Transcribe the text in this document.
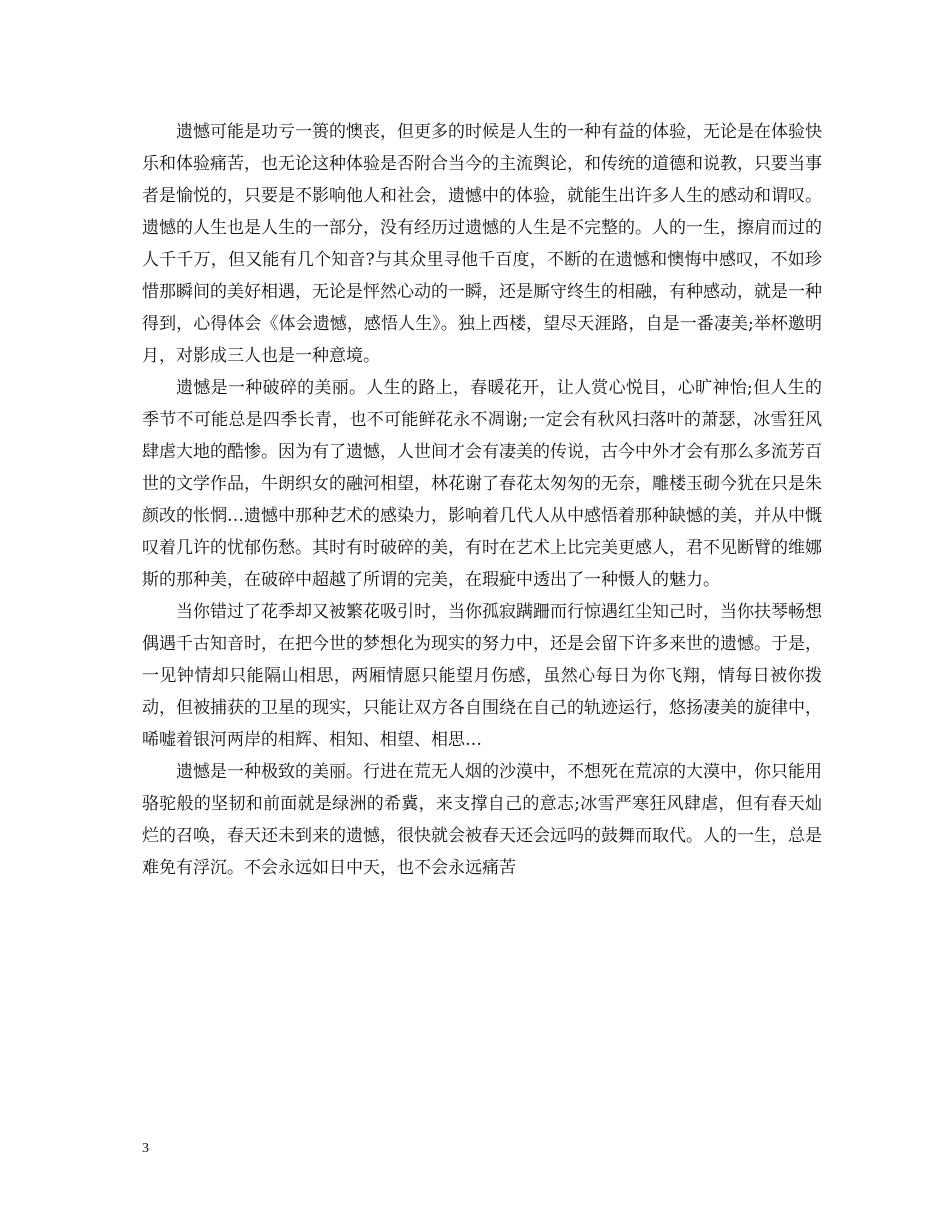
遗憾可能是功亏一篑的懊丧，但更多的时候是人生的一种有益的体验，无论是在体验快乐和体验痛苦，也无论这种体验是否附合当今的主流舆论，和传统的道德和说教，只要当事者是愉悦的，只要是不影响他人和社会，遗憾中的体验，就能生出许多人生的感动和谓叹。遗憾的人生也是人生的一部分，没有经历过遗憾的人生是不完整的。人的一生，擦肩而过的人千千万，但又能有几个知音?与其众里寻他千百度，不断的在遗憾和懊悔中感叹，不如珍惜那瞬间的美好相遇，无论是怦然心动的一瞬，还是厮守终生的相融，有种感动，就是一种得到，心得体会《体会遗憾，感悟人生》。独上西楼，望尽天涯路，自是一番凄美;举杯邀明月，对影成三人也是一种意境。

遗憾是一种破碎的美丽。人生的路上，春暖花开，让人赏心悦目，心旷神怡;但人生的季节不可能总是四季长青，也不可能鲜花永不凋谢;一定会有秋风扫落叶的萧瑟，冰雪狂风肆虐大地的酷惨。因为有了遗憾，人世间才会有凄美的传说，古今中外才会有那么多流芳百世的文学作品，牛朗织女的融河相望，林花谢了春花太匆匆的无奈，雕楼玉砌今犹在只是朱颜改的怅惘…遗憾中那种艺术的感染力，影响着几代人从中感悟着那种缺憾的美，并从中慨叹着几许的忧郁伤愁。其时有时破碎的美，有时在艺术上比完美更感人，君不见断臂的维娜斯的那种美，在破碎中超越了所谓的完美，在瑕疵中透出了一种慑人的魅力。

当你错过了花季却又被繁花吸引时，当你孤寂蹒跚而行惊遇红尘知己时，当你扶琴畅想偶遇千古知音时，在把今世的梦想化为现实的努力中，还是会留下许多来世的遗憾。于是，一见钟情却只能隔山相思，两厢情愿只能望月伤感，虽然心每日为你飞翔，情每日被你拨动，但被捕获的卫星的现实，只能让双方各自围绕在自己的轨迹运行，悠扬凄美的旋律中，唏嘘着银河两岸的相辉、相知、相望、相思…

遗憾是一种极致的美丽。行进在荒无人烟的沙漠中，不想死在荒凉的大漠中，你只能用骆驼般的坚韧和前面就是绿洲的希冀，来支撑自己的意志;冰雪严寒狂风肆虐，但有春天灿烂的召唤，春天还未到来的遗憾，很快就会被春天还会远吗的鼓舞而取代。人的一生，总是难免有浮沉。不会永远如日中天，也不会永远痛苦

3
